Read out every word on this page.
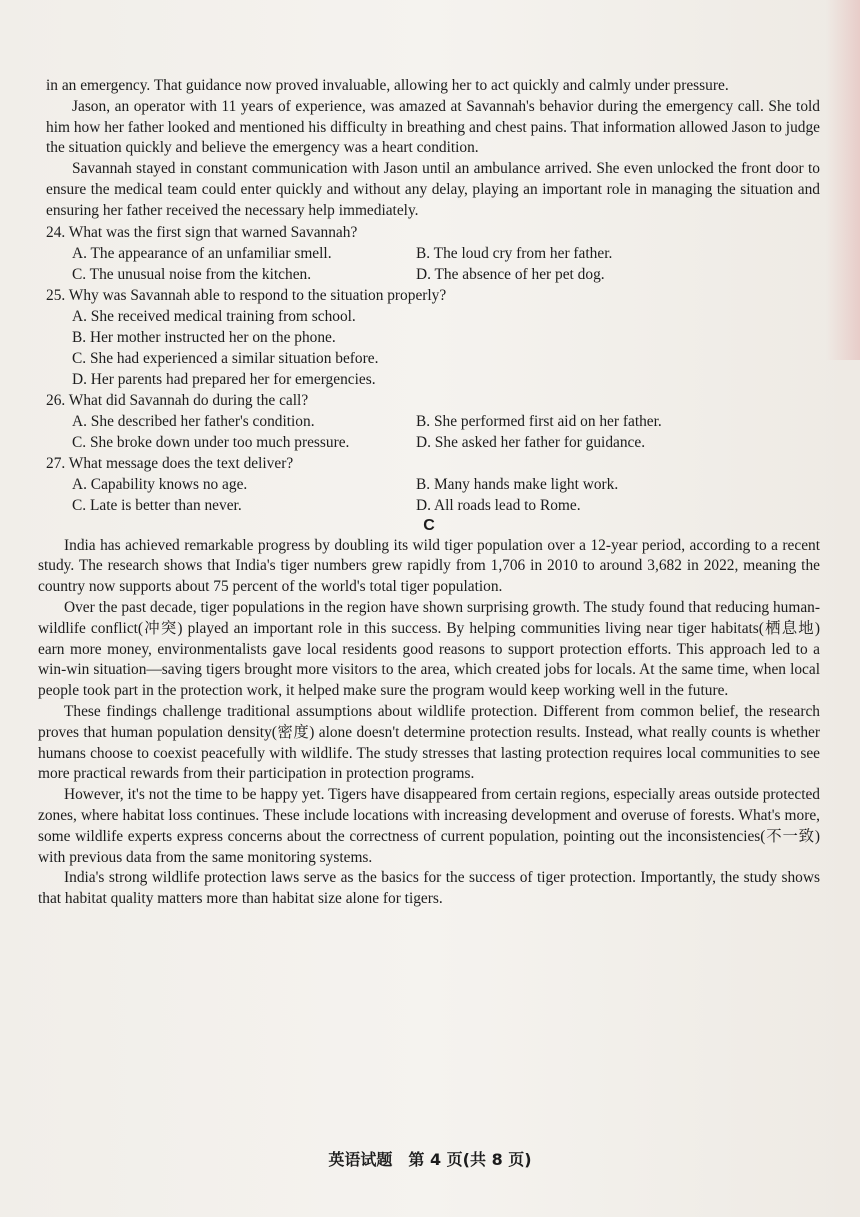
in an emergency. That guidance now proved invaluable, allowing her to act quickly and calmly under pressure.

Jason, an operator with 11 years of experience, was amazed at Savannah's behavior during the emergency call. She told him how her father looked and mentioned his difficulty in breathing and chest pains. That information allowed Jason to judge the situation quickly and believe the emergency was a heart condition.

Savannah stayed in constant communication with Jason until an ambulance arrived. She even unlocked the front door to ensure the medical team could enter quickly and without any delay, playing an important role in managing the situation and ensuring her father received the necessary help immediately.

24. What was the first sign that warned Savannah?

A. The appearance of an unfamiliar smell.	B. The loud cry from her father.
C. The unusual noise from the kitchen.	D. The absence of her pet dog.

25. Why was Savannah able to respond to the situation properly?

A. She received medical training from school.
B. Her mother instructed her on the phone.
C. She had experienced a similar situation before.
D. Her parents had prepared her for emergencies.

26. What did Savannah do during the call?

A. She described her father's condition.	B. She performed first aid on her father.
C. She broke down under too much pressure.	D. She asked her father for guidance.

27. What message does the text deliver?

A. Capability knows no age.	B. Many hands make light work.
C. Late is better than never.	D. All roads lead to Rome.

C

India has achieved remarkable progress by doubling its wild tiger population over a 12-year period, according to a recent study. The research shows that India's tiger numbers grew rapidly from 1,706 in 2010 to around 3,682 in 2022, meaning the country now supports about 75 percent of the world's total tiger population.

Over the past decade, tiger populations in the region have shown surprising growth. The study found that reducing human-wildlife conflict(冲突) played an important role in this success. By helping communities living near tiger habitats(栖息地) earn more money, environmentalists gave local residents good reasons to support protection efforts. This approach led to a win-win situation—saving tigers brought more visitors to the area, which created jobs for locals. At the same time, when local people took part in the protection work, it helped make sure the program would keep working well in the future.

These findings challenge traditional assumptions about wildlife protection. Different from common belief, the research proves that human population density(密度) alone doesn't determine protection results. Instead, what really counts is whether humans choose to coexist peacefully with wildlife. The study stresses that lasting protection requires local communities to see more practical rewards from their participation in protection programs.

However, it's not the time to be happy yet. Tigers have disappeared from certain regions, especially areas outside protected zones, where habitat loss continues. These include locations with increasing development and overuse of forests. What's more, some wildlife experts express concerns about the correctness of current population, pointing out the inconsistencies(不一致) with previous data from the same monitoring systems.

India's strong wildlife protection laws serve as the basics for the success of tiger protection. Importantly, the study shows that habitat quality matters more than habitat size alone for tigers.

英语试题　第 4 页(共 8 页)
